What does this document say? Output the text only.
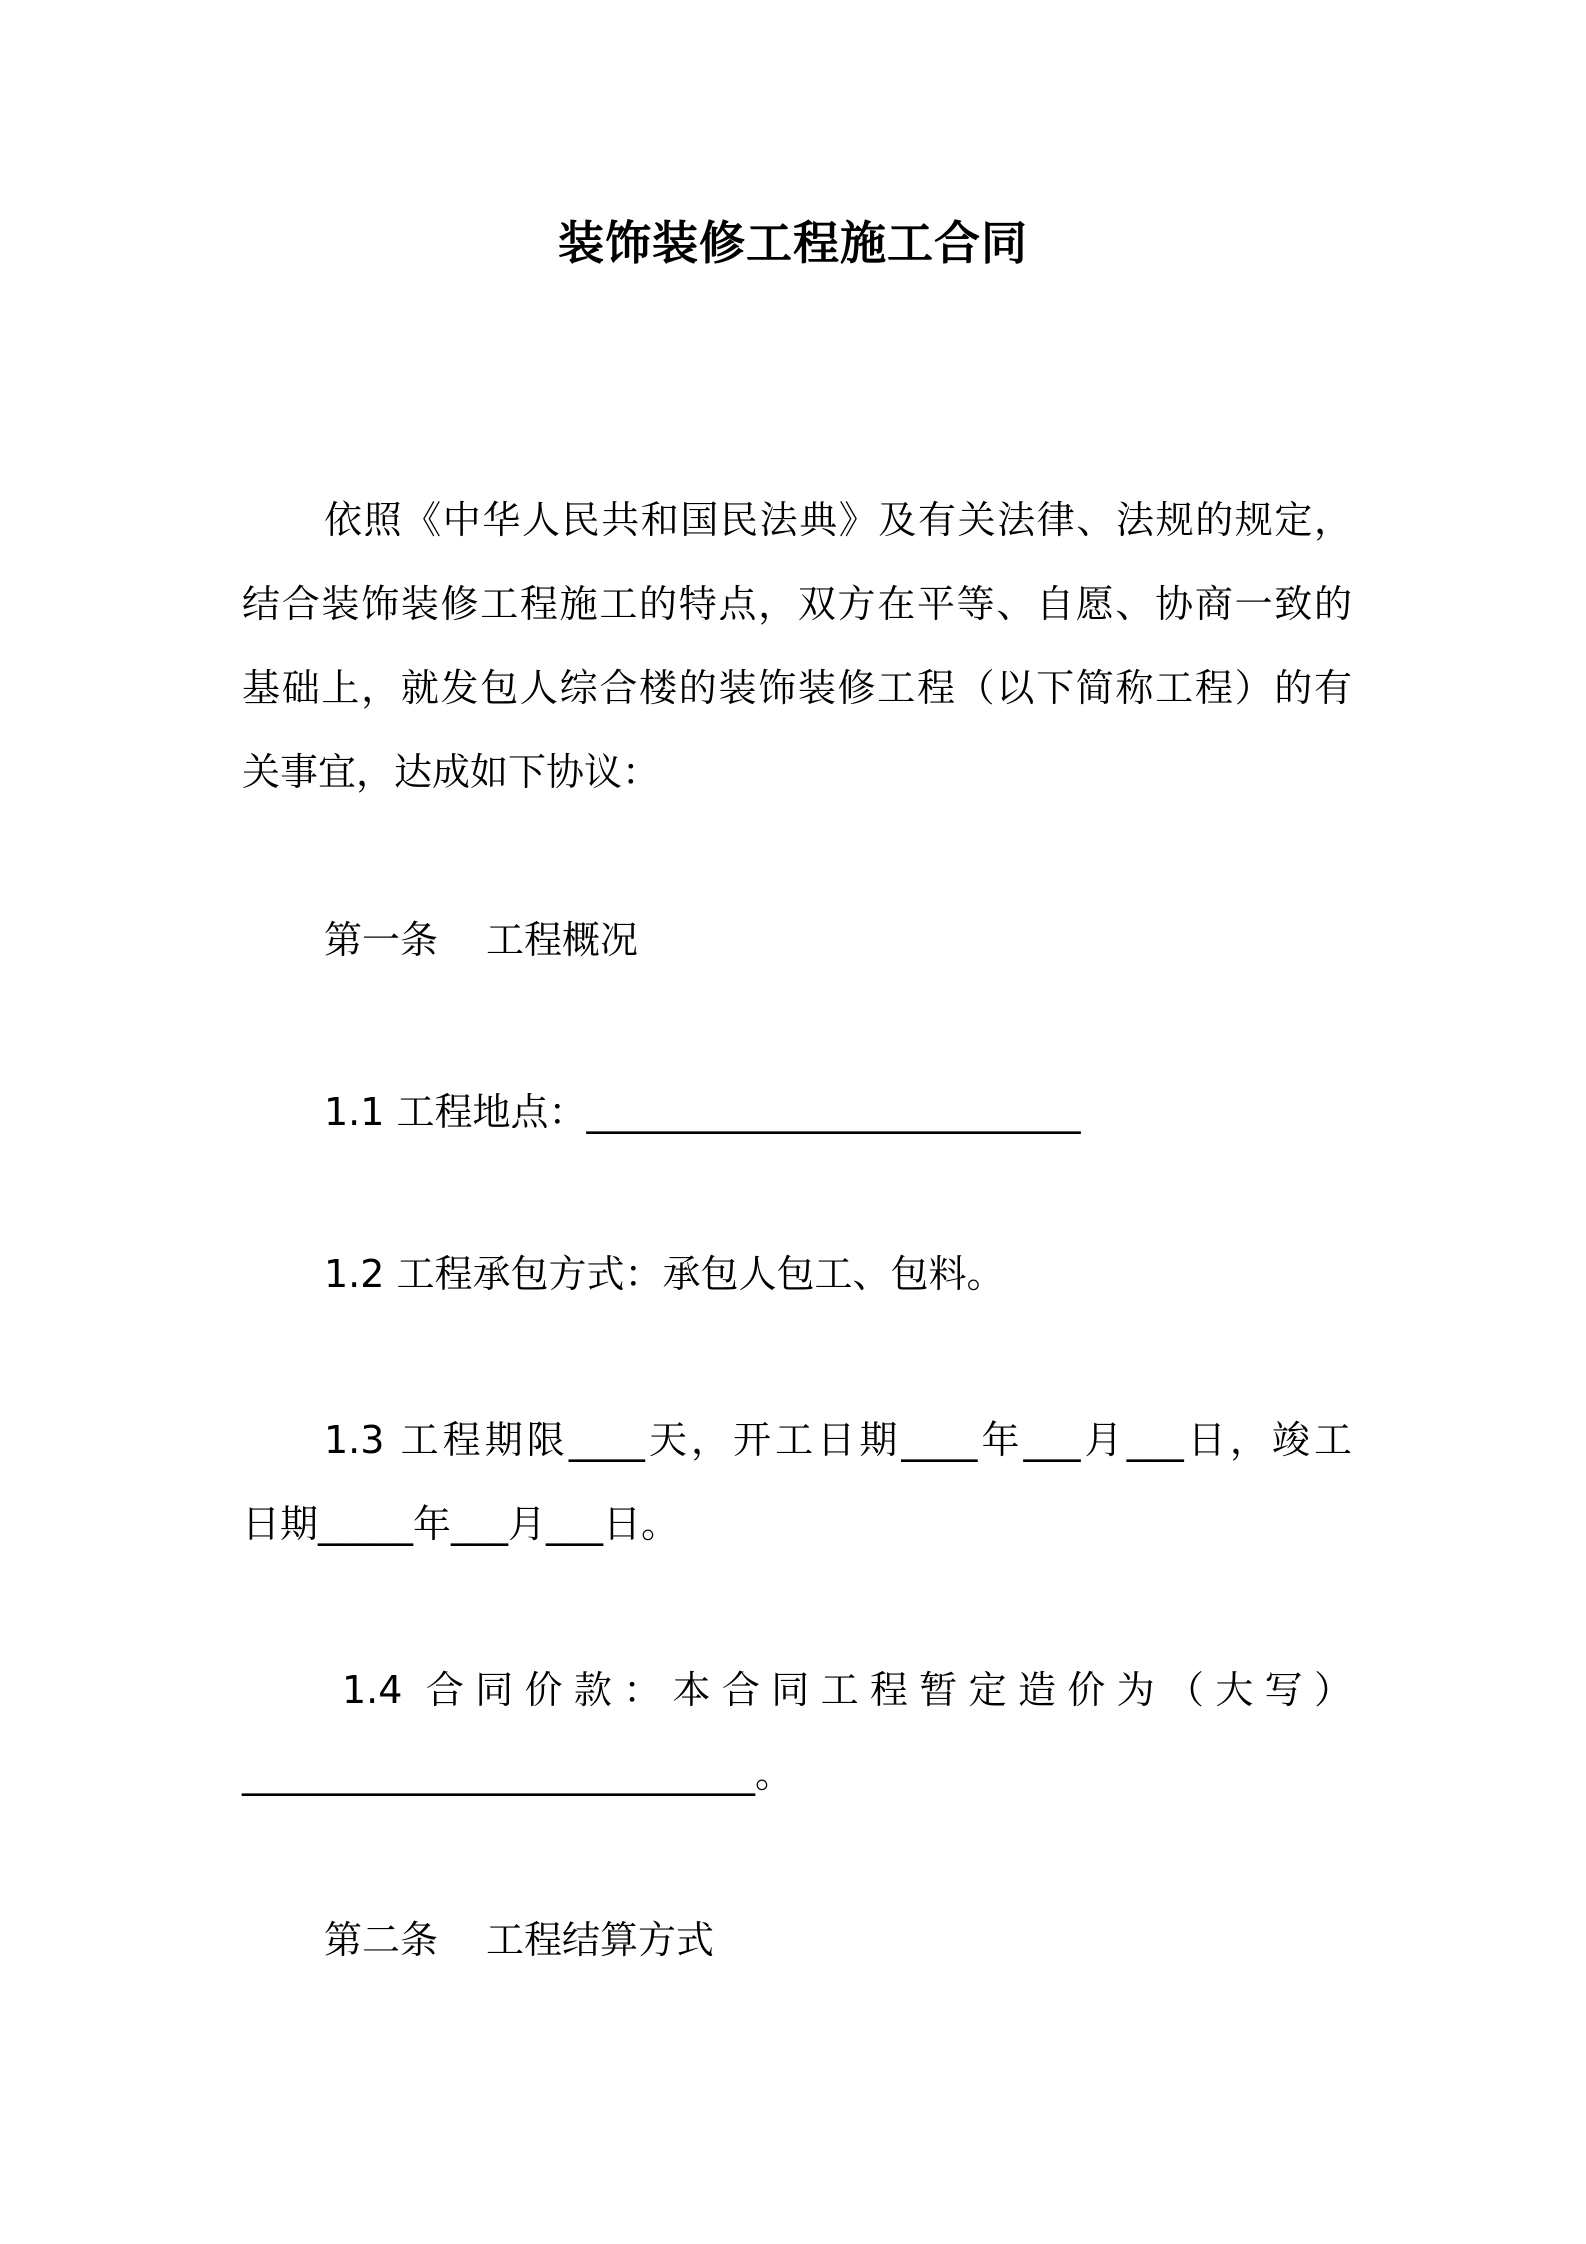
装饰装修工程施工合同
依照《中华人民共和国民法典》及有关法律、法规的规定，
结合装饰装修工程施工的特点，双方在平等、自愿、协商一致的
基础上，就发包人综合楼的装饰装修工程（以下简称工程）的有
关事宜，达成如下协议：
第一条 工程概况
1.1 工程地点：__________________________
1.2 工程承包方式：承包人包工、包料。
1.3 工程期限____天，开工日期____年___月___日，竣工
日期_____年___月___日。
1.4 合同价款：本合同工程暂定造价为（大写）
___________________________。
第二条 工程结算方式
